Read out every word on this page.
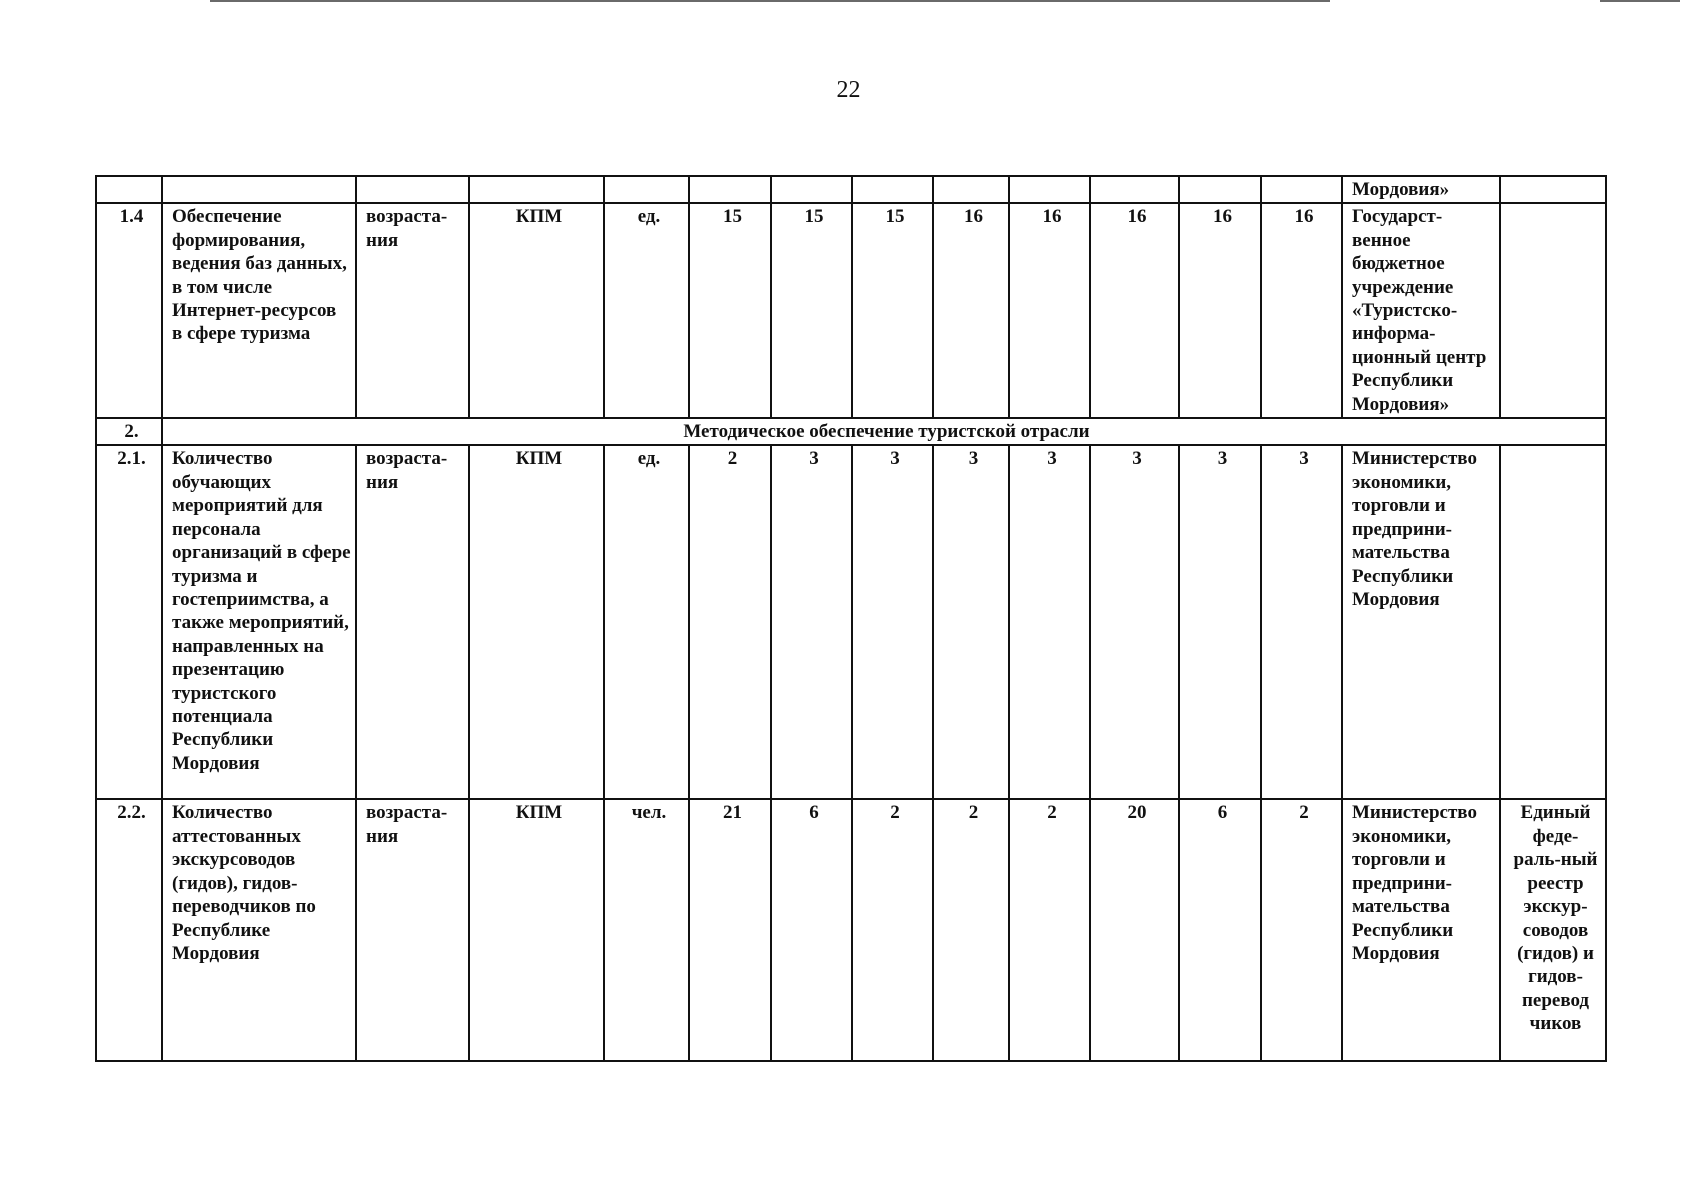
22
													Мордовия»	
1.4	Обеспечение формирования, ведения баз данных, в том числе Интернет-ресурсов в сфере туризма	возраста-ния	КПМ	ед.	15	15	15	16	16	16	16	16	Государст-венное бюджетное учреждение «Туристско-информа-ционный центр Республики Мордовия»	
2.	Методическое обеспечение туристской отрасли													
2.1.	Количество обучающих мероприятий для персонала организаций в сфере туризма и гостеприимства, а также мероприятий, направленных на презентацию туристского потенциала Республики Мордовия	возраста-ния	КПМ	ед.	2	3	3	3	3	3	3	3	Министерство экономики, торговли и предприни-мательства Республики Мордовия	
2.2.	Количество аттестованных экскурсоводов (гидов), гидов-переводчиков по Республике Мордовия	возраста-ния	КПМ	чел.	21	6	2	2	2	20	6	2	Министерство экономики, торговли и предприни-мательства Республики Мордовия	Единый феде-раль-ный реестр экскур-соводов (гидов) и гидов-перевод чиков
